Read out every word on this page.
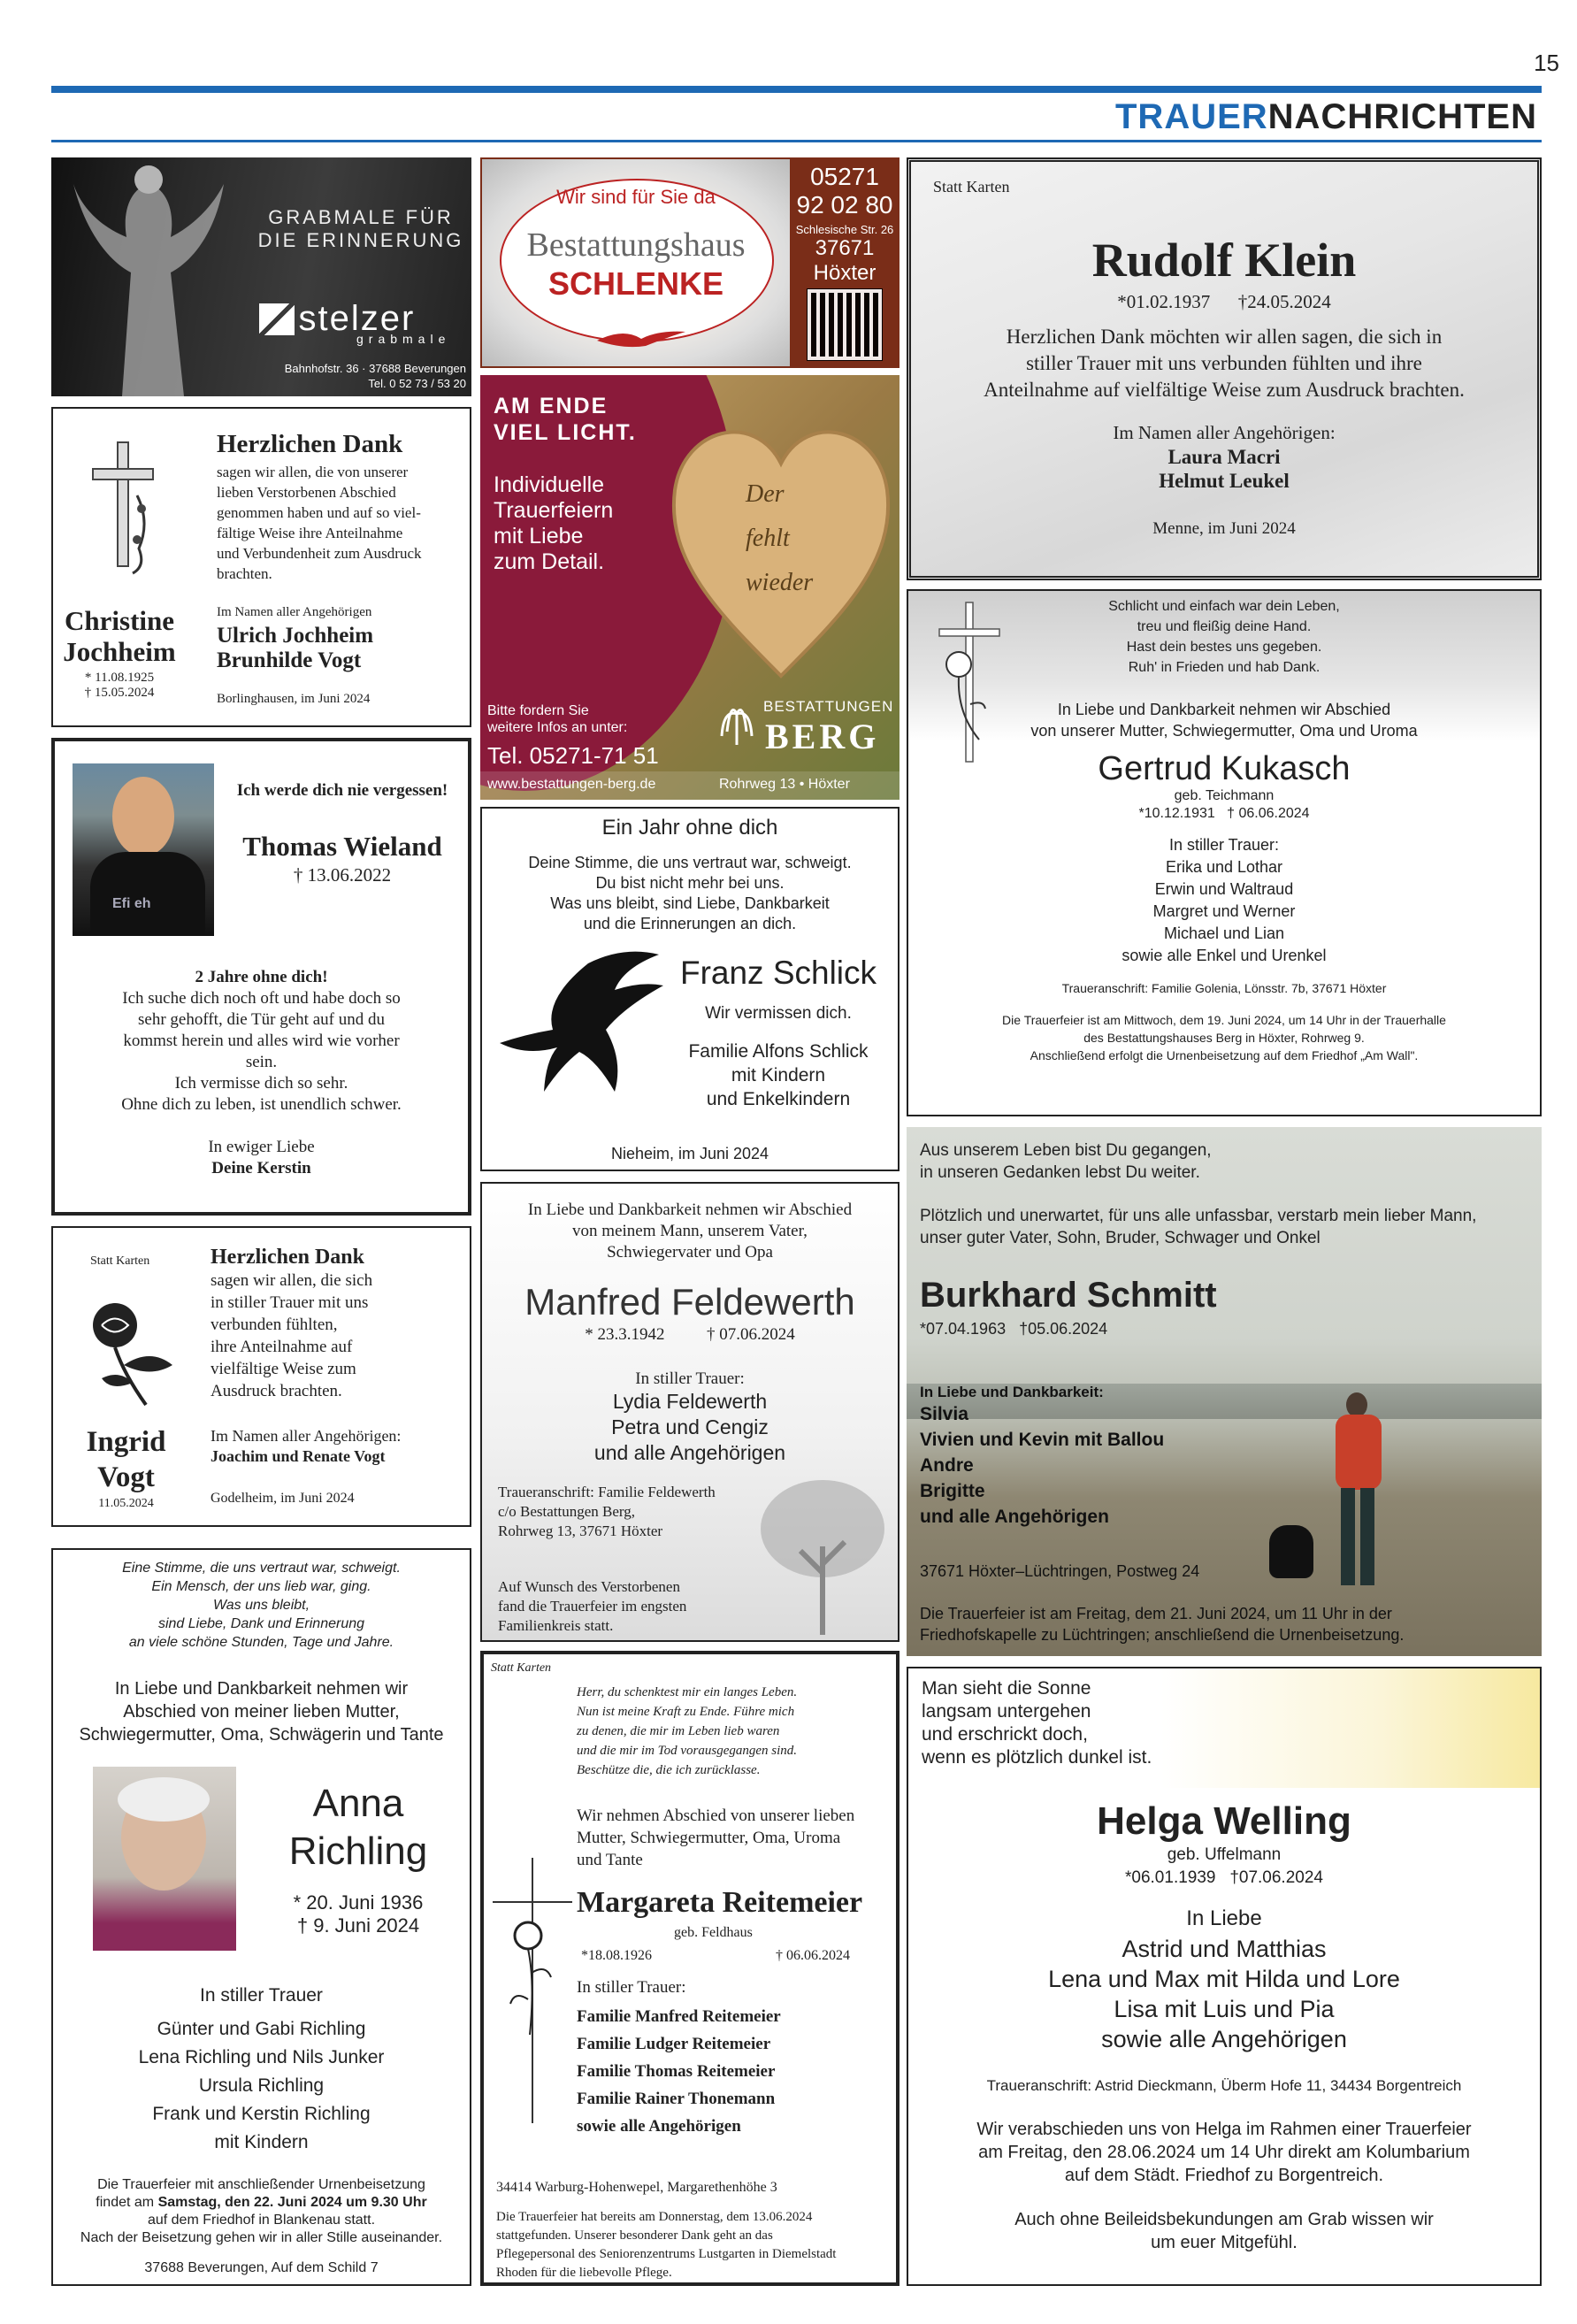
15
TRAUERNACHRICHTEN
GRABMALE FÜR
DIE ERINNERUNG
stelzer
grabmale
Bahnhofstr. 36 · 37688 Beverungen
Tel. 0 52 73 / 53 20
Wir sind für Sie da
Bestattungshaus
SCHLENKE
05271
92 02 80
Schlesische Str. 26
37671
Höxter
Der
fehlt
wieder
AM ENDE
VIEL LICHT.
Individuelle
Trauerfeiern
mit Liebe
zum Detail.
Bitte fordern Sie
weitere Infos an unter:
Tel. 05271-71 51
BESTATTUNGEN
BERG
www.bestattungen-berg.de	Rohrweg 13 • Höxter
Statt Karten
Rudolf Klein
*01.02.1937 †24.05.2024
Herzlichen Dank möchten wir allen sagen, die sich in
stiller Trauer mit uns verbunden fühlten und ihre
Anteilnahme auf vielfältige Weise zum Ausdruck brachten.
Im Namen aller Angehörigen:
Laura Macri
Helmut Leukel
Menne, im Juni 2024
Herzlichen Dank
sagen wir allen, die von unserer
lieben Verstorbenen Abschied
genommen haben und auf so viel-
fältige Weise ihre Anteilnahme
und Verbundenheit zum Ausdruck
brachten.
Christine
Jochheim
* 11.08.1925
† 15.05.2024
Im Namen aller Angehörigen
Ulrich Jochheim
Brunhilde Vogt
Borlinghausen, im Juni 2024
Efi eh
Ich werde dich nie vergessen!
Thomas Wieland
† 13.06.2022
2 Jahre ohne dich!
Ich suche dich noch oft und habe doch so
sehr gehofft, die Tür geht auf und du
kommst herein und alles wird wie vorher
sein.
Ich vermisse dich so sehr.
Ohne dich zu leben, ist unendlich schwer.
In ewiger Liebe
Deine Kerstin
Ein Jahr ohne dich
Deine Stimme, die uns vertraut war, schweigt.
Du bist nicht mehr bei uns.
Was uns bleibt, sind Liebe, Dankbarkeit
und die Erinnerungen an dich.
Franz Schlick
Wir vermissen dich.
Familie Alfons Schlick
mit Kindern
und Enkelkindern
Nieheim, im Juni 2024
Schlicht und einfach war dein Leben,
treu und fleißig deine Hand.
Hast dein bestes uns gegeben.
Ruh' in Frieden und hab Dank.
In Liebe und Dankbarkeit nehmen wir Abschied
von unserer Mutter, Schwiegermutter, Oma und Uroma
Gertrud Kukasch
geb. Teichmann
*10.12.1931   † 06.06.2024
In stiller Trauer:
Erika und Lothar
Erwin und Waltraud
Margret und Werner
Michael und Lian
sowie alle Enkel und Urenkel
Traueranschrift: Familie Golenia, Lönsstr. 7b, 37671 Höxter
Die Trauerfeier ist am Mittwoch, dem 19. Juni 2024, um 14 Uhr in der Trauerhalle
des Bestattungshauses Berg in Höxter, Rohrweg 9.
Anschließend erfolgt die Urnenbeisetzung auf dem Friedhof „Am Wall".
Statt Karten
Ingrid
Vogt
11.05.2024
Herzlichen Dank
sagen wir allen, die sich
in stiller Trauer mit uns
verbunden fühlten,
ihre Anteilnahme auf
vielfältige Weise zum
Ausdruck brachten.
Im Namen aller Angehörigen:
Joachim und Renate Vogt
Godelheim, im Juni 2024
In Liebe und Dankbarkeit nehmen wir Abschied
von meinem Mann, unserem Vater,
Schwiegervater und Opa
Manfred Feldewerth
* 23.3.1942	† 07.06.2024
In stiller Trauer:
Lydia Feldewerth
Petra und Cengiz
und alle Angehörigen
Traueranschrift: Familie Feldewerth
c/o Bestattungen Berg,
Rohrweg 13, 37671 Höxter
Auf Wunsch des Verstorbenen
fand die Trauerfeier im engsten
Familienkreis statt.
Aus unserem Leben bist Du gegangen,
in unseren Gedanken lebst Du weiter.
Plötzlich und unerwartet, für uns alle unfassbar, verstarb mein lieber Mann,
unser guter Vater, Sohn, Bruder, Schwager und Onkel
Burkhard Schmitt
*07.04.1963   †05.06.2024
In Liebe und Dankbarkeit:
Silvia
Vivien und Kevin mit Ballou
Andre
Brigitte
und alle Angehörigen
37671 Höxter–Lüchtringen, Postweg 24
Die Trauerfeier ist am Freitag, dem 21. Juni 2024, um 11 Uhr in der
Friedhofskapelle zu Lüchtringen; anschließend die Urnenbeisetzung.
Eine Stimme, die uns vertraut war, schweigt.
Ein Mensch, der uns lieb war, ging.
Was uns bleibt,
sind Liebe, Dank und Erinnerung
an viele schöne Stunden, Tage und Jahre.
In Liebe und Dankbarkeit nehmen wir
Abschied von meiner lieben Mutter,
Schwiegermutter, Oma, Schwägerin und Tante
Anna
Richling
* 20. Juni 1936
† 9. Juni 2024
In stiller Trauer
Günter und Gabi Richling
Lena Richling und Nils Junker
Ursula Richling
Frank und Kerstin Richling
mit Kindern
Die Trauerfeier mit anschließender Urnenbeisetzung
findet am Samstag, den 22. Juni 2024 um 9.30 Uhr
auf dem Friedhof in Blankenau statt.
Nach der Beisetzung gehen wir in aller Stille auseinander.
37688 Beverungen, Auf dem Schild 7
Statt Karten
Herr, du schenktest mir ein langes Leben.
Nun ist meine Kraft zu Ende. Führe mich
zu denen, die mir im Leben lieb waren
und die mir im Tod vorausgegangen sind.
Beschütze die, die ich zurücklasse.
Wir nehmen Abschied von unserer lieben
Mutter, Schwiegermutter, Oma, Uroma
und Tante
Margareta Reitemeier
geb. Feldhaus
*18.08.1926	† 06.06.2024
In stiller Trauer:
Familie Manfred Reitemeier
Familie Ludger Reitemeier
Familie Thomas Reitemeier
Familie Rainer Thonemann
sowie alle Angehörigen
34414 Warburg-Hohenwepel, Margarethenhöhe 3
Die Trauerfeier hat bereits am Donnerstag, dem 13.06.2024
stattgefunden. Unserer besonderer Dank geht an das
Pflegepersonal des Seniorenzentrums Lustgarten in Diemelstadt
Rhoden für die liebevolle Pflege.
Man sieht die Sonne
langsam untergehen
und erschrickt doch,
wenn es plötzlich dunkel ist.
Helga Welling
geb. Uffelmann
*06.01.1939   †07.06.2024
In Liebe
Astrid und Matthias
Lena und Max mit Hilda und Lore
Lisa mit Luis und Pia
sowie alle Angehörigen
Traueranschrift: Astrid Dieckmann, Überm Hofe 11, 34434 Borgentreich
Wir verabschieden uns von Helga im Rahmen einer Trauerfeier
am Freitag, den 28.06.2024 um 14 Uhr direkt am Kolumbarium
auf dem Städt. Friedhof zu Borgentreich.
Auch ohne Beileidsbekundungen am Grab wissen wir
um euer Mitgefühl.
